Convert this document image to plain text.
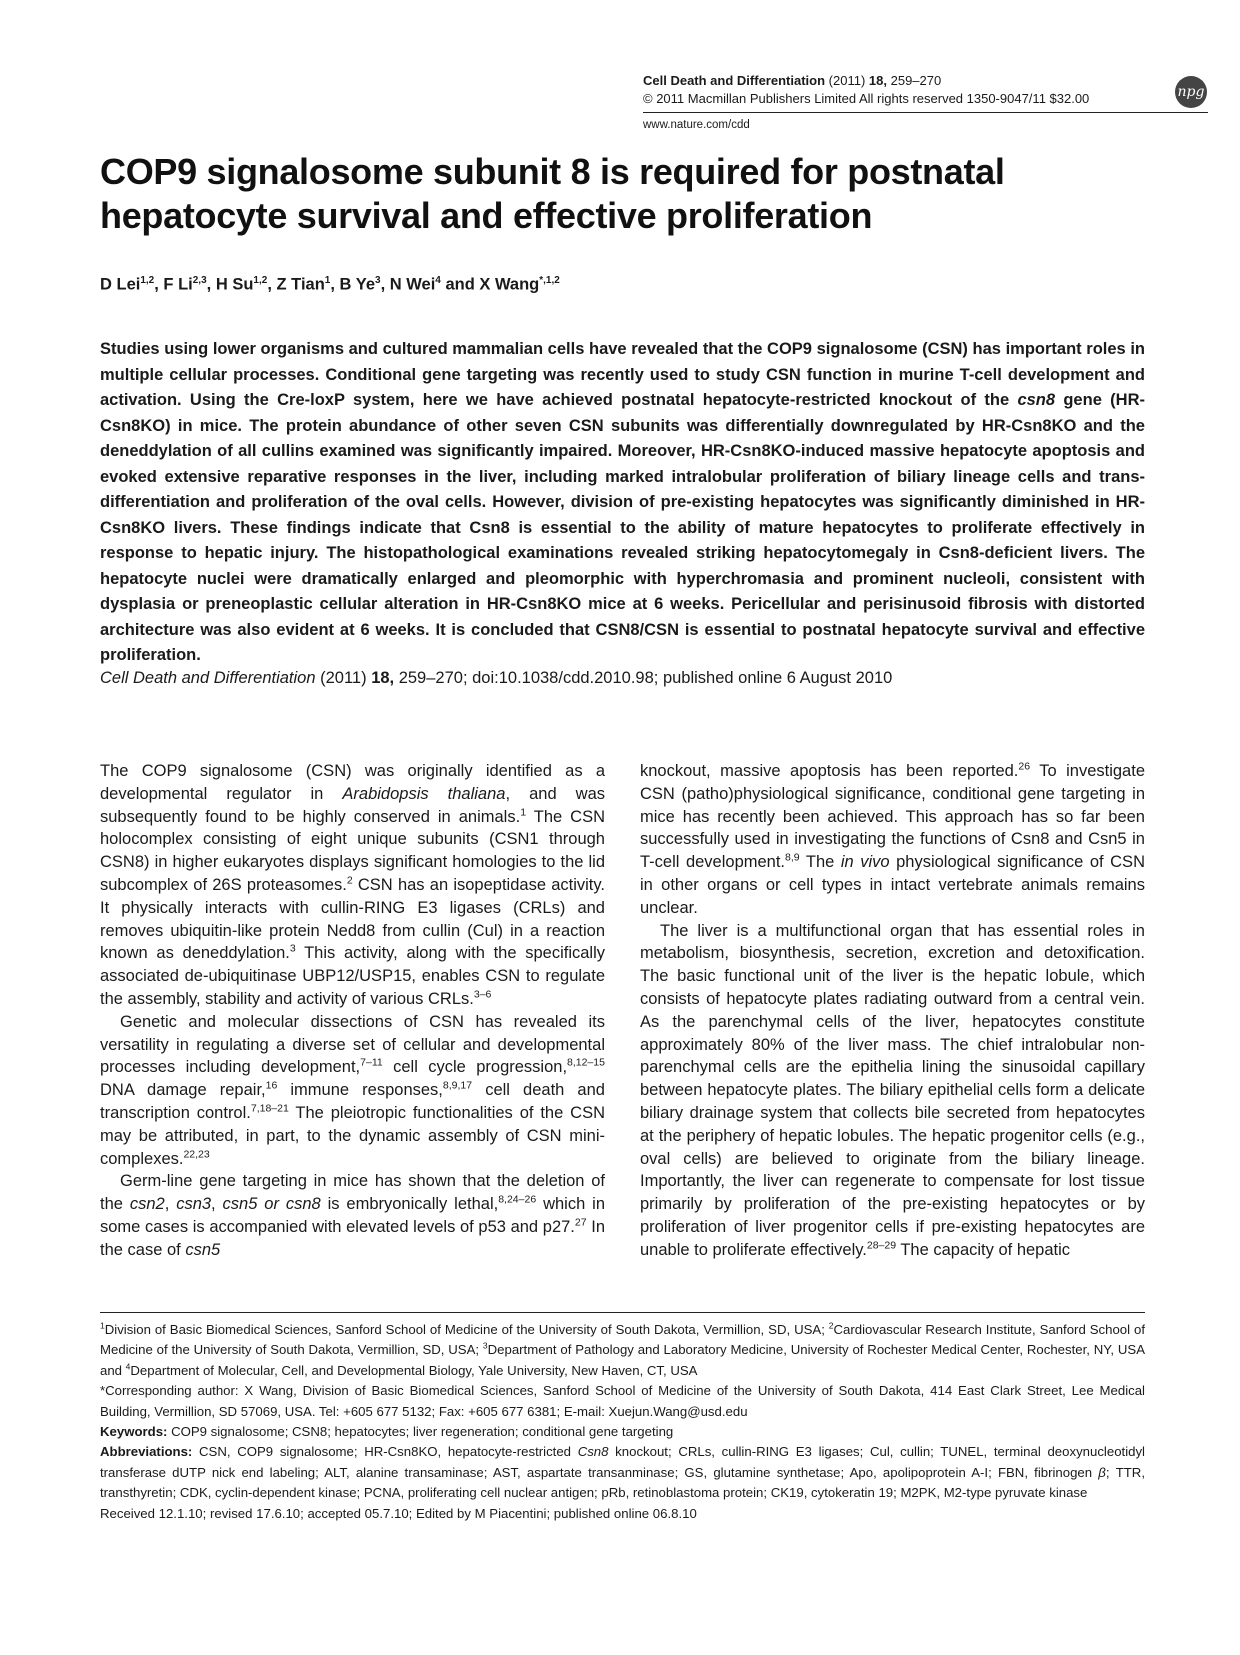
Cell Death and Differentiation (2011) 18, 259–270
© 2011 Macmillan Publishers Limited All rights reserved 1350-9047/11 $32.00
www.nature.com/cdd
npg
COP9 signalosome subunit 8 is required for postnatal
hepatocyte survival and effective proliferation
D Lei$^{1,2}$, F Li$^{2,3}$, H Su$^{1,2}$, Z Tian$^1$, B Ye$^3$, N Wei$^4$ and X Wang$^{*,1,2}$
Studies using lower organisms and cultured mammalian cells have revealed that the COP9 signalosome (CSN) has important roles in multiple cellular processes. Conditional gene targeting was recently used to study CSN function in murine T-cell development and activation. Using the Cre-loxP system, here we have achieved postnatal hepatocyte-restricted knockout of the csn8 gene (HR-Csn8KO) in mice. The protein abundance of other seven CSN subunits was differentially downregulated by HR-Csn8KO and the deneddylation of all cullins examined was significantly impaired. Moreover, HR-Csn8KO-induced massive hepatocyte apoptosis and evoked extensive reparative responses in the liver, including marked intralobular proliferation of biliary lineage cells and trans-differentiation and proliferation of the oval cells. However, division of pre-existing hepatocytes was significantly diminished in HR-Csn8KO livers. These findings indicate that Csn8 is essential to the ability of mature hepatocytes to proliferate effectively in response to hepatic injury. The histopathological examinations revealed striking hepatocytomegaly in Csn8-deficient livers. The hepatocyte nuclei were dramatically enlarged and pleomorphic with hyperchromasia and prominent nucleoli, consistent with dysplasia or preneoplastic cellular alteration in HR-Csn8KO mice at 6 weeks. Pericellular and perisinusoid fibrosis with distorted architecture was also evident at 6 weeks. It is concluded that CSN8/CSN is essential to postnatal hepatocyte survival and effective proliferation.
Cell Death and Differentiation (2011) 18, 259–270; doi:10.1038/cdd.2010.98; published online 6 August 2010

The COP9 signalosome (CSN) was originally identified as a developmental regulator in Arabidopsis thaliana, and was subsequently found to be highly conserved in animals.$^1$ The CSN holocomplex consisting of eight unique subunits (CSN1 through CSN8) in higher eukaryotes displays significant homologies to the lid subcomplex of 26S proteasomes.$^2$ CSN has an isopeptidase activity. It physically interacts with cullin-RING E3 ligases (CRLs) and removes ubiquitin-like protein Nedd8 from cullin (Cul) in a reaction known as deneddylation.$^3$ This activity, along with the specifically associated de-ubiquitinase UBP12/USP15, enables CSN to regulate the assembly, stability and activity of various CRLs.$^{3-6}$

Genetic and molecular dissections of CSN has revealed its versatility in regulating a diverse set of cellular and developmental processes including development,$^{7-11}$ cell cycle progression,$^{8,12-15}$ DNA damage repair,$^{16}$ immune responses,$^{8,9,17}$ cell death and transcription control.$^{7,18-21}$ The pleiotropic functionalities of the CSN may be attributed, in part, to the dynamic assembly of CSN mini-complexes.$^{22,23}$

Germ-line gene targeting in mice has shown that the deletion of the csn2, csn3, csn5 or csn8 is embryonically lethal,$^{8,24-26}$ which in some cases is accompanied with elevated levels of p53 and p27.27 In the case of csn5

knockout, massive apoptosis has been reported.$^{26}$ To investigate CSN (patho)physiological significance, conditional gene targeting in mice has recently been achieved. This approach has so far been successfully used in investigating the functions of Csn8 and Csn5 in T-cell development.$^{8,9}$ The in vivo physiological significance of CSN in other organs or cell types in intact vertebrate animals remains unclear.

The liver is a multifunctional organ that has essential roles in metabolism, biosynthesis, secretion, excretion and detoxification. The basic functional unit of the liver is the hepatic lobule, which consists of hepatocyte plates radiating outward from a central vein. As the parenchymal cells of the liver, hepatocytes constitute approximately 80% of the liver mass. The chief intralobular non-parenchymal cells are the epithelia lining the sinusoidal capillary between hepatocyte plates. The biliary epithelial cells form a delicate biliary drainage system that collects bile secreted from hepatocytes at the periphery of hepatic lobules. The hepatic progenitor cells (e.g., oval cells) are believed to originate from the biliary lineage. Importantly, the liver can regenerate to compensate for lost tissue primarily by proliferation of the pre-existing hepatocytes or by proliferation of liver progenitor cells if pre-existing hepatocytes are unable to proliferate effectively.$^{28-29}$ The capacity of hepatic

$^1$Division of Basic Biomedical Sciences, Sanford School of Medicine of the University of South Dakota, Vermillion, SD, USA; $^2$Cardiovascular Research Institute, Sanford School of Medicine of the University of South Dakota, Vermillion, SD, USA; $^3$Department of Pathology and Laboratory Medicine, University of Rochester Medical Center, Rochester, NY, USA and $^4$Department of Molecular, Cell, and Developmental Biology, Yale University, New Haven, CT, USA

*Corresponding author: X Wang, Division of Basic Biomedical Sciences, Sanford School of Medicine of the University of South Dakota, 414 East Clark Street, Lee Medical Building, Vermillion, SD 57069, USA. Tel: +605 677 5132; Fax: +605 677 6381; E-mail: Xuejun.Wang@usd.edu

Keywords: COP9 signalosome; CSN8; hepatocytes; liver regeneration; conditional gene targeting

Abbreviations: CSN, COP9 signalosome; HR-Csn8KO, hepatocyte-restricted Csn8 knockout; CRLs, cullin-RING E3 ligases; Cul, cullin; TUNEL, terminal deoxynucleotidyl transferase dUTP nick end labeling; ALT, alanine transaminase; AST, aspartate transanminase; GS, glutamine synthetase; Apo, apolipoprotein A-I; FBN, fibrinogen β; TTR, transthyretin; CDK, cyclin-dependent kinase; PCNA, proliferating cell nuclear antigen; pRb, retinoblastoma protein; CK19, cytokeratin 19; M2PK, M2-type pyruvate kinase

Received 12.1.10; revised 17.6.10; accepted 05.7.10; Edited by M Piacentini; published online 06.8.10
